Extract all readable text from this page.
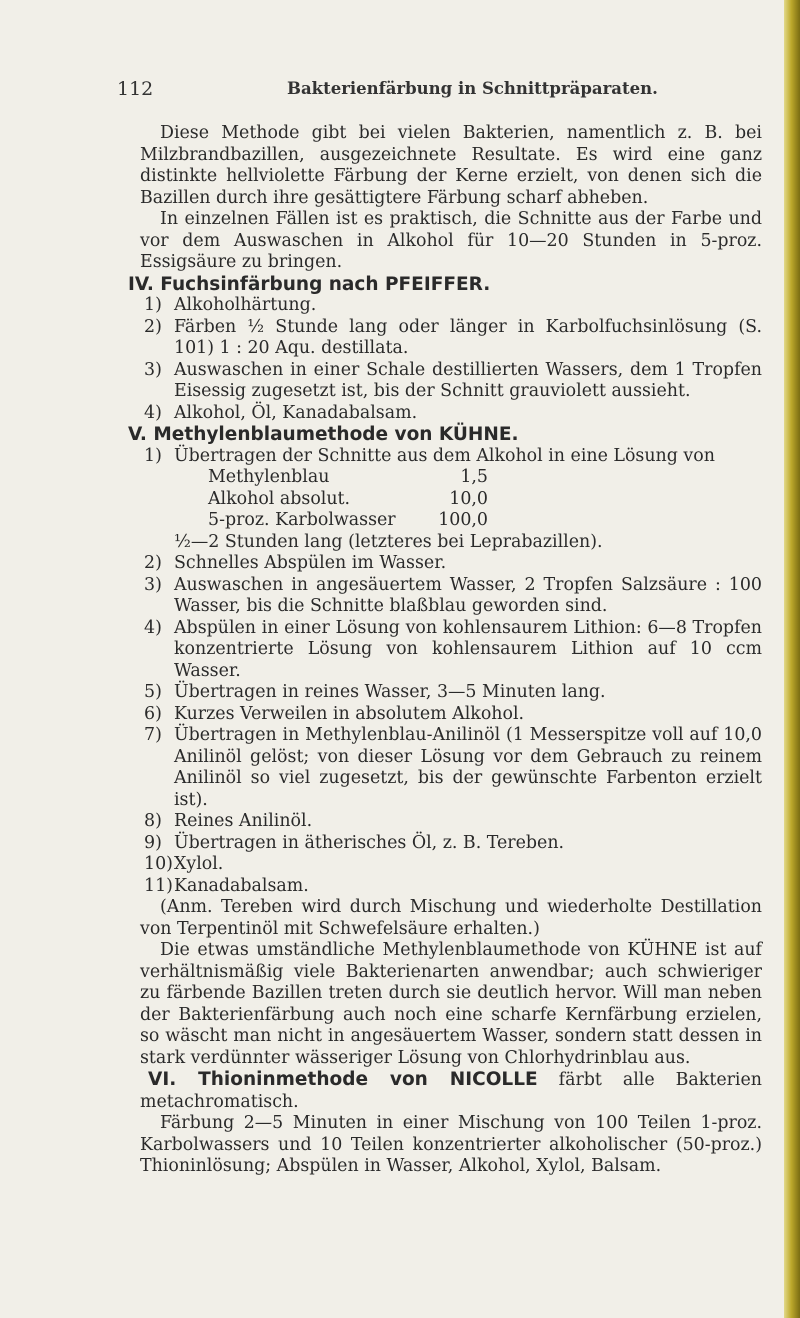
112	Bakterienfärbung in Schnittpräparaten.

Diese Methode gibt bei vielen Bakterien, namentlich z. B. bei Milzbrandbazillen, ausgezeichnete Resultate. Es wird eine ganz distinkte hellviolette Färbung der Kerne erzielt, von denen sich die Bazillen durch ihre gesättigtere Färbung scharf abheben.

In einzelnen Fällen ist es praktisch, die Schnitte aus der Farbe und vor dem Auswaschen in Alkohol für 10—20 Stunden in 5-proz. Essigsäure zu bringen.

IV. Fuchsinfärbung nach PFEIFFER.

1) Alkoholhärtung.
2) Färben ½ Stunde lang oder länger in Karbolfuchsinlösung (S. 101) 1 : 20 Aqu. destillata.
3) Auswaschen in einer Schale destillierten Wassers, dem 1 Tropfen Eisessig zugesetzt ist, bis der Schnitt grauviolett aussieht.
4) Alkohol, Öl, Kanadabalsam.

V. Methylenblaumethode von KÜHNE.

1) Übertragen der Schnitte aus dem Alkohol in eine Lösung von
Methylenblau	1,5
Alkohol absolut.	10,0
5-proz. Karbolwasser	100,0
½—2 Stunden lang (letzteres bei Leprabazillen).
2) Schnelles Abspülen im Wasser.
3) Auswaschen in angesäuertem Wasser, 2 Tropfen Salzsäure : 100 Wasser, bis die Schnitte blaßblau geworden sind.
4) Abspülen in einer Lösung von kohlensaurem Lithion: 6—8 Tropfen konzentrierte Lösung von kohlensaurem Lithion auf 10 ccm Wasser.
5) Übertragen in reines Wasser, 3—5 Minuten lang.
6) Kurzes Verweilen in absolutem Alkohol.
7) Übertragen in Methylenblau-Anilinöl (1 Messerspitze voll auf 10,0 Anilinöl gelöst; von dieser Lösung vor dem Gebrauch zu reinem Anilinöl so viel zugesetzt, bis der gewünschte Farbenton erzielt ist).
8) Reines Anilinöl.
9) Übertragen in ätherisches Öl, z. B. Tereben.
10) Xylol.
11) Kanadabalsam.

(Anm. Tereben wird durch Mischung und wiederholte Destillation von Terpentinöl mit Schwefelsäure erhalten.)

Die etwas umständliche Methylenblaumethode von KÜHNE ist auf verhältnismäßig viele Bakterienarten anwendbar; auch schwieriger zu färbende Bazillen treten durch sie deutlich hervor. Will man neben der Bakterienfärbung auch noch eine scharfe Kernfärbung erzielen, so wäscht man nicht in angesäuertem Wasser, sondern statt dessen in stark verdünnter wässeriger Lösung von Chlorhydrinblau aus.

VI. Thioninmethode von NICOLLE färbt alle Bakterien metachromatisch.

Färbung 2—5 Minuten in einer Mischung von 100 Teilen 1-proz. Karbolwassers und 10 Teilen konzentrierter alkoholischer (50-proz.) Thioninlösung; Abspülen in Wasser, Alkohol, Xylol, Balsam.
